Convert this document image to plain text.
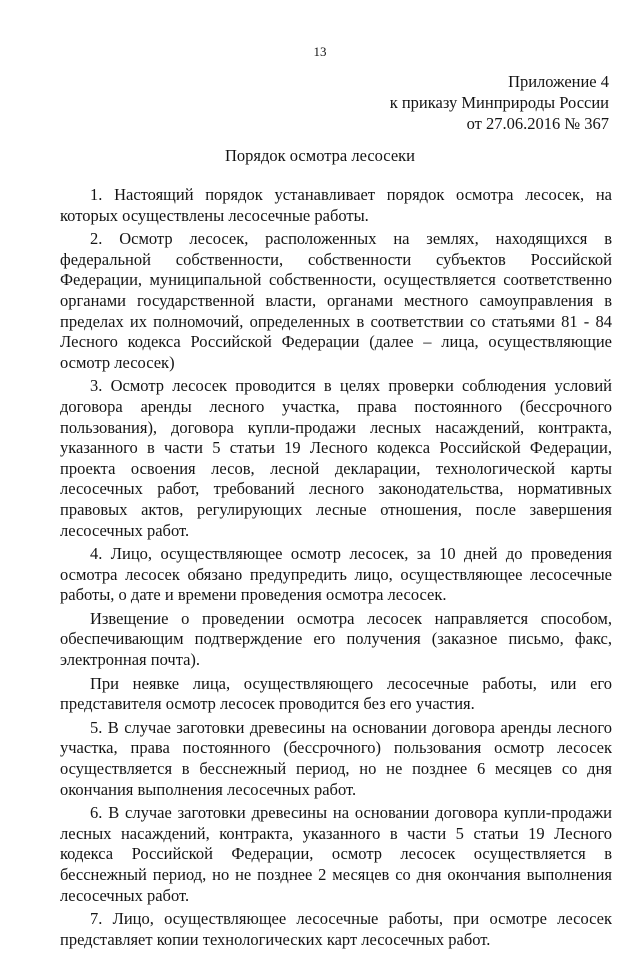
13
Приложение 4
к приказу Минприроды России
от 27.06.2016 № 367
Порядок осмотра лесосеки

1. Настоящий порядок устанавливает порядок осмотра лесосек, на которых осуществлены лесосечные работы.

2. Осмотр лесосек, расположенных на землях, находящихся в федеральной собственности, собственности субъектов Российской Федерации, муниципальной собственности, осуществляется соответственно органами государственной власти, органами местного самоуправления в пределах их полномочий, определенных в соответствии со статьями 81 - 84 Лесного кодекса Российской Федерации (далее – лица, осуществляющие осмотр лесосек)

3. Осмотр лесосек проводится в целях проверки соблюдения условий договора аренды лесного участка, права постоянного (бессрочного пользования), договора купли-продажи лесных насаждений, контракта, указанного в части 5 статьи 19 Лесного кодекса Российской Федерации, проекта освоения лесов, лесной декларации, технологической карты лесосечных работ, требований лесного законодательства, нормативных правовых актов, регулирующих лесные отношения, после завершения лесосечных работ.

4. Лицо, осуществляющее осмотр лесосек, за 10 дней до проведения осмотра лесосек обязано предупредить лицо, осуществляющее лесосечные работы, о дате и времени проведения осмотра лесосек.

Извещение о проведении осмотра лесосек направляется способом, обеспечивающим подтверждение его получения (заказное письмо, факс, электронная почта).

При неявке лица, осуществляющего лесосечные работы, или его представителя осмотр лесосек проводится без его участия.

5. В случае заготовки древесины на основании договора аренды лесного участка, права постоянного (бессрочного) пользования осмотр лесосек осуществляется в бесснежный период, но не позднее 6 месяцев со дня окончания выполнения лесосечных работ.

6. В случае заготовки древесины на основании договора купли-продажи лесных насаждений, контракта, указанного в части 5 статьи 19 Лесного кодекса Российской Федерации, осмотр лесосек осуществляется в бесснежный период, но не позднее 2 месяцев со дня окончания выполнения лесосечных работ.

7. Лицо, осуществляющее лесосечные работы, при осмотре лесосек представляет копии технологических карт лесосечных работ.
